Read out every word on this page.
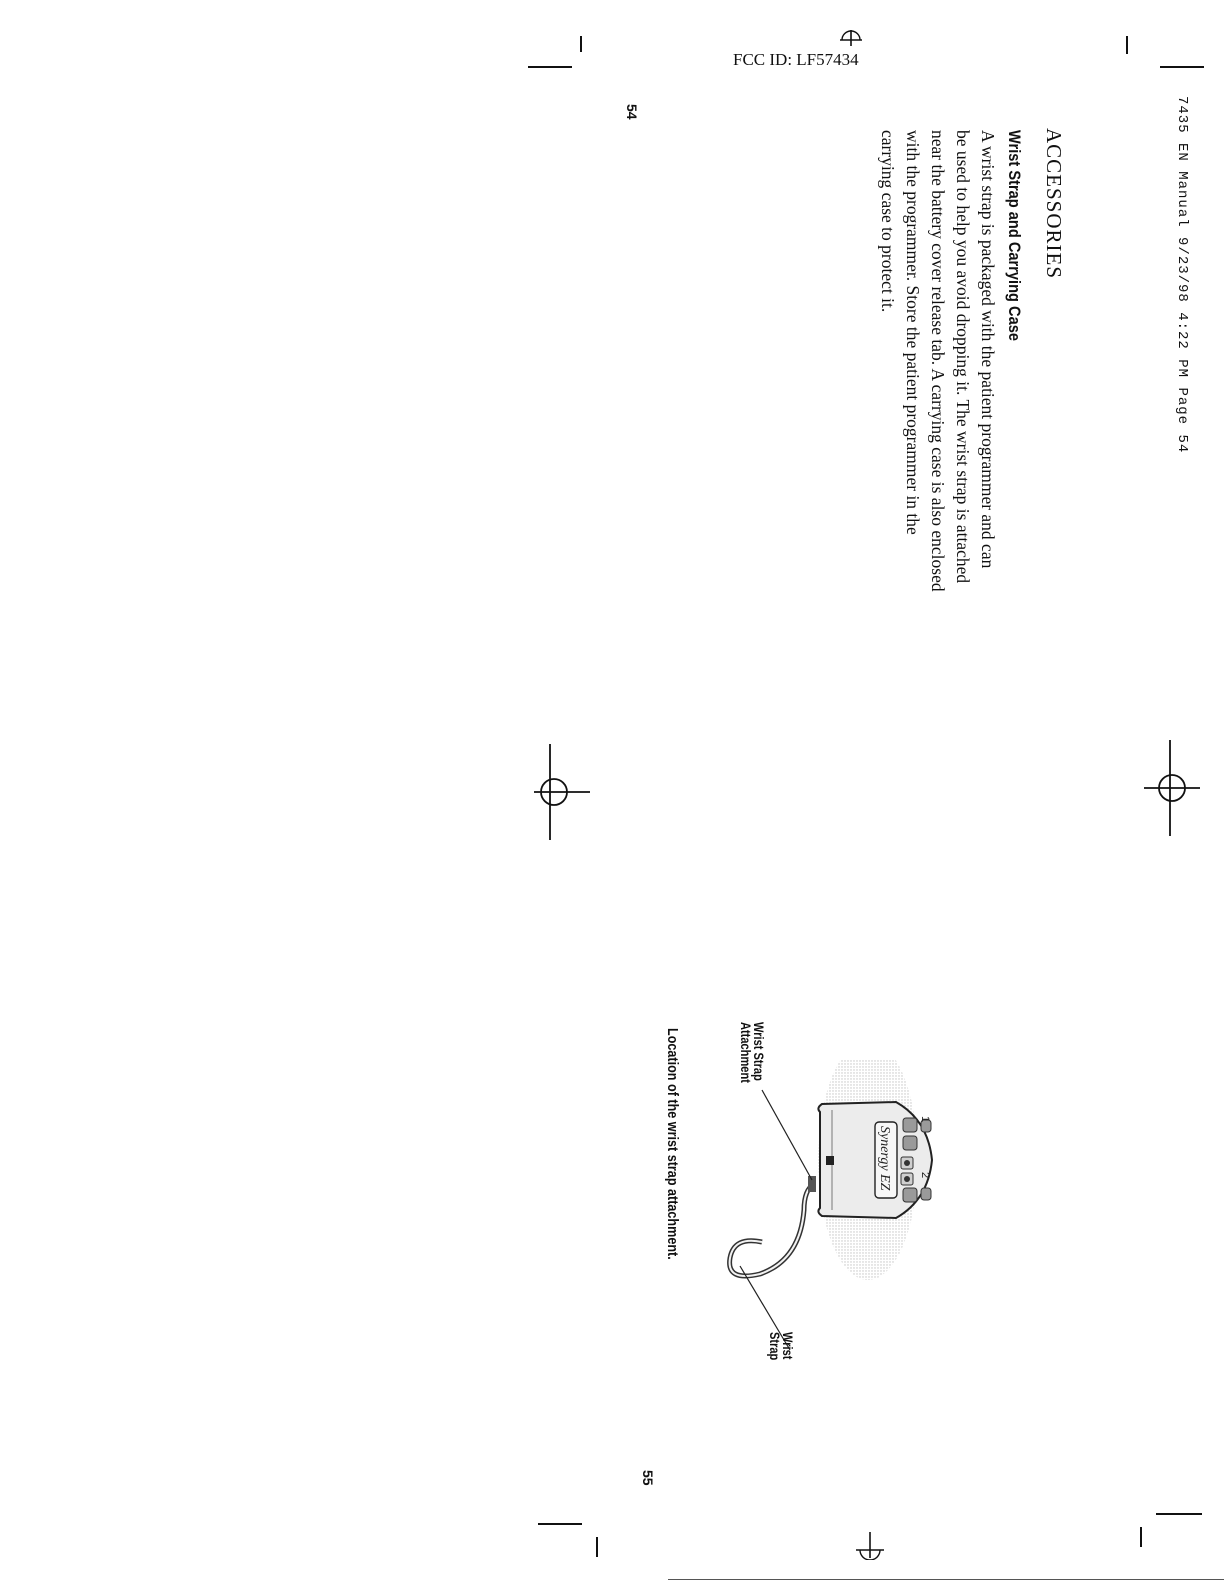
FCC ID: LF57434
7435 EN Manual 9/23/98 4:22 PM Page 54
54
ACCESSORIES
Wrist Strap and Carrying Case
A wrist strap is packaged with the patient programmer and can
be used to help you avoid dropping it. The wrist strap is attached
near the battery cover release tab. A carrying case is also enclosed
with the programmer. Store the patient programmer in the
carrying case to protect it.
Synergy EZ
1
2
Wrist Strap
Attachment
Wrist
Strap
Location of the wrist strap attachment.
55
